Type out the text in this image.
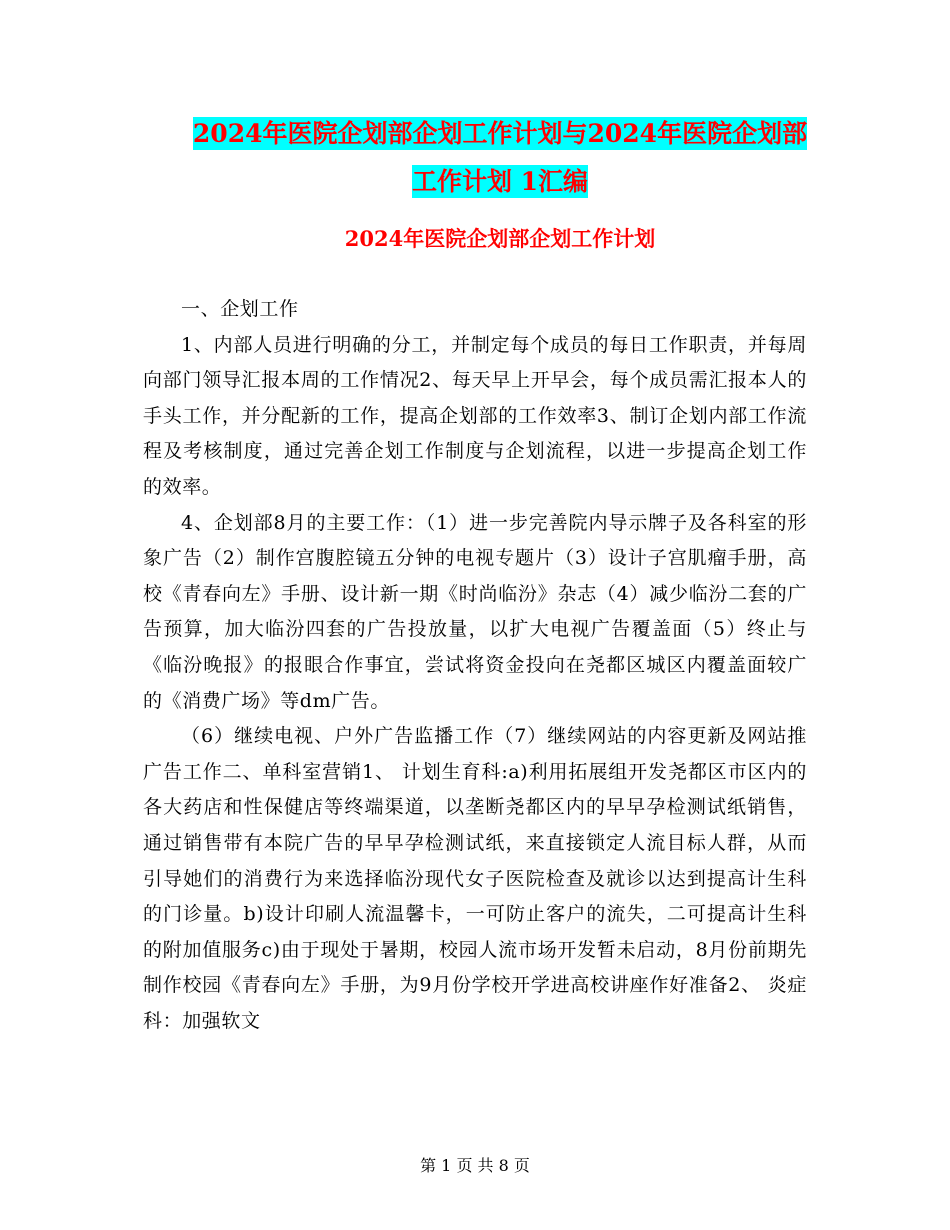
2024年医院企划部企划工作计划与2024年医院企划部
工作计划 1汇编
2024年医院企划部企划工作计划

一、企划工作

1、内部人员进行明确的分工，并制定每个成员的每日工作职责，并每周向部门领导汇报本周的工作情况2、每天早上开早会，每个成员需汇报本人的手头工作，并分配新的工作，提高企划部的工作效率3、制订企划内部工作流程及考核制度，通过完善企划工作制度与企划流程，以进一步提高企划工作的效率。

4、企划部8月的主要工作：（1）进一步完善院内导示牌子及各科室的形象广告（2）制作宫腹腔镜五分钟的电视专题片（3）设计子宫肌瘤手册，高校《青春向左》手册、设计新一期《时尚临汾》杂志（4）减少临汾二套的广告预算，加大临汾四套的广告投放量，以扩大电视广告覆盖面（5）终止与《临汾晚报》的报眼合作事宜，尝试将资金投向在尧都区城区内覆盖面较广的《消费广场》等dm广告。

（6）继续电视、户外广告监播工作（7）继续网站的内容更新及网站推广告工作二、单科室营销1、 计划生育科:a)利用拓展组开发尧都区市区内的各大药店和性保健店等终端渠道，以垄断尧都区内的早早孕检测试纸销售，通过销售带有本院广告的早早孕检测试纸，来直接锁定人流目标人群，从而引导她们的消费行为来选择临汾现代女子医院检查及就诊以达到提高计生科的门诊量。b)设计印刷人流温馨卡，一可防止客户的流失，二可提高计生科的附加值服务c)由于现处于暑期，校园人流市场开发暂未启动，8月份前期先制作校园《青春向左》手册，为9月份学校开学进高校讲座作好准备2、 炎症科：加强软文

第 1 页 共 8 页
